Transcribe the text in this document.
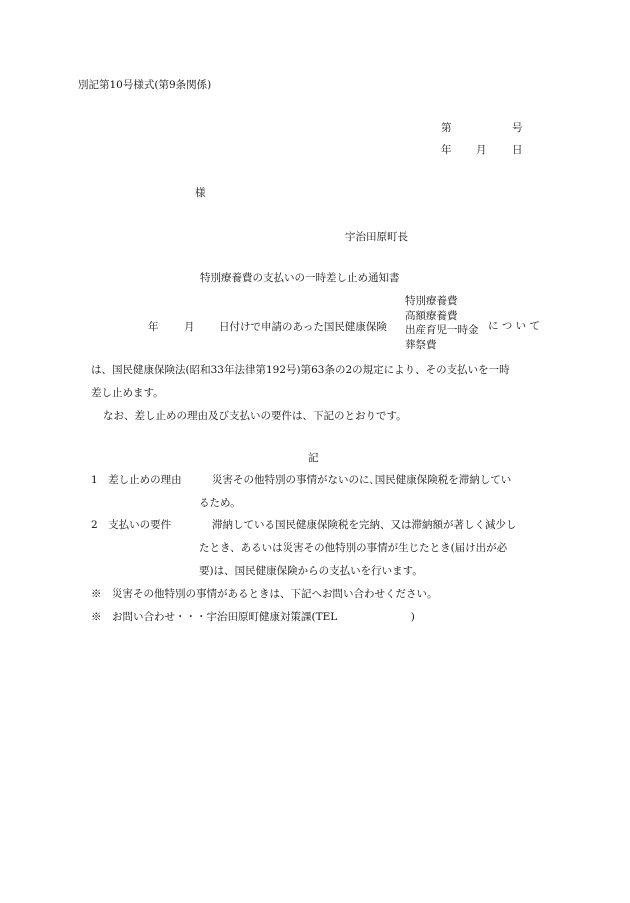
別記第10号様式(第9条関係)
第	号
年 月 日
様
宇治田原町長
特別療養費の支払いの一時差し止め通知書
年 月 日付けで申請のあった国民健康保険
特別療養費
高額療養費
出産育児一時金
葬祭費
に つ い て
は、国民健康保険法(昭和33年法律第192号)第63条の2の規定により、その支払いを一時
差し止めます。
なお、差し止めの理由及び支払いの要件は、下記のとおりです。
記
1　差し止めの理由	災害その他特別の事情がないのに､国民健康保険税を滞納してい
るため。
2　支払いの要件	滞納している国民健康保険税を完納、又は滞納額が著しく減少し
たとき、あるいは災害その他特別の事情が生じたとき(届け出が必
要)は、国民健康保険からの支払いを行います。
※　災害その他特別の事情があるときは、下記へお問い合わせください。
※　お問い合わせ・・・宇治田原町健康対策課(TEL　　　　　　　)
